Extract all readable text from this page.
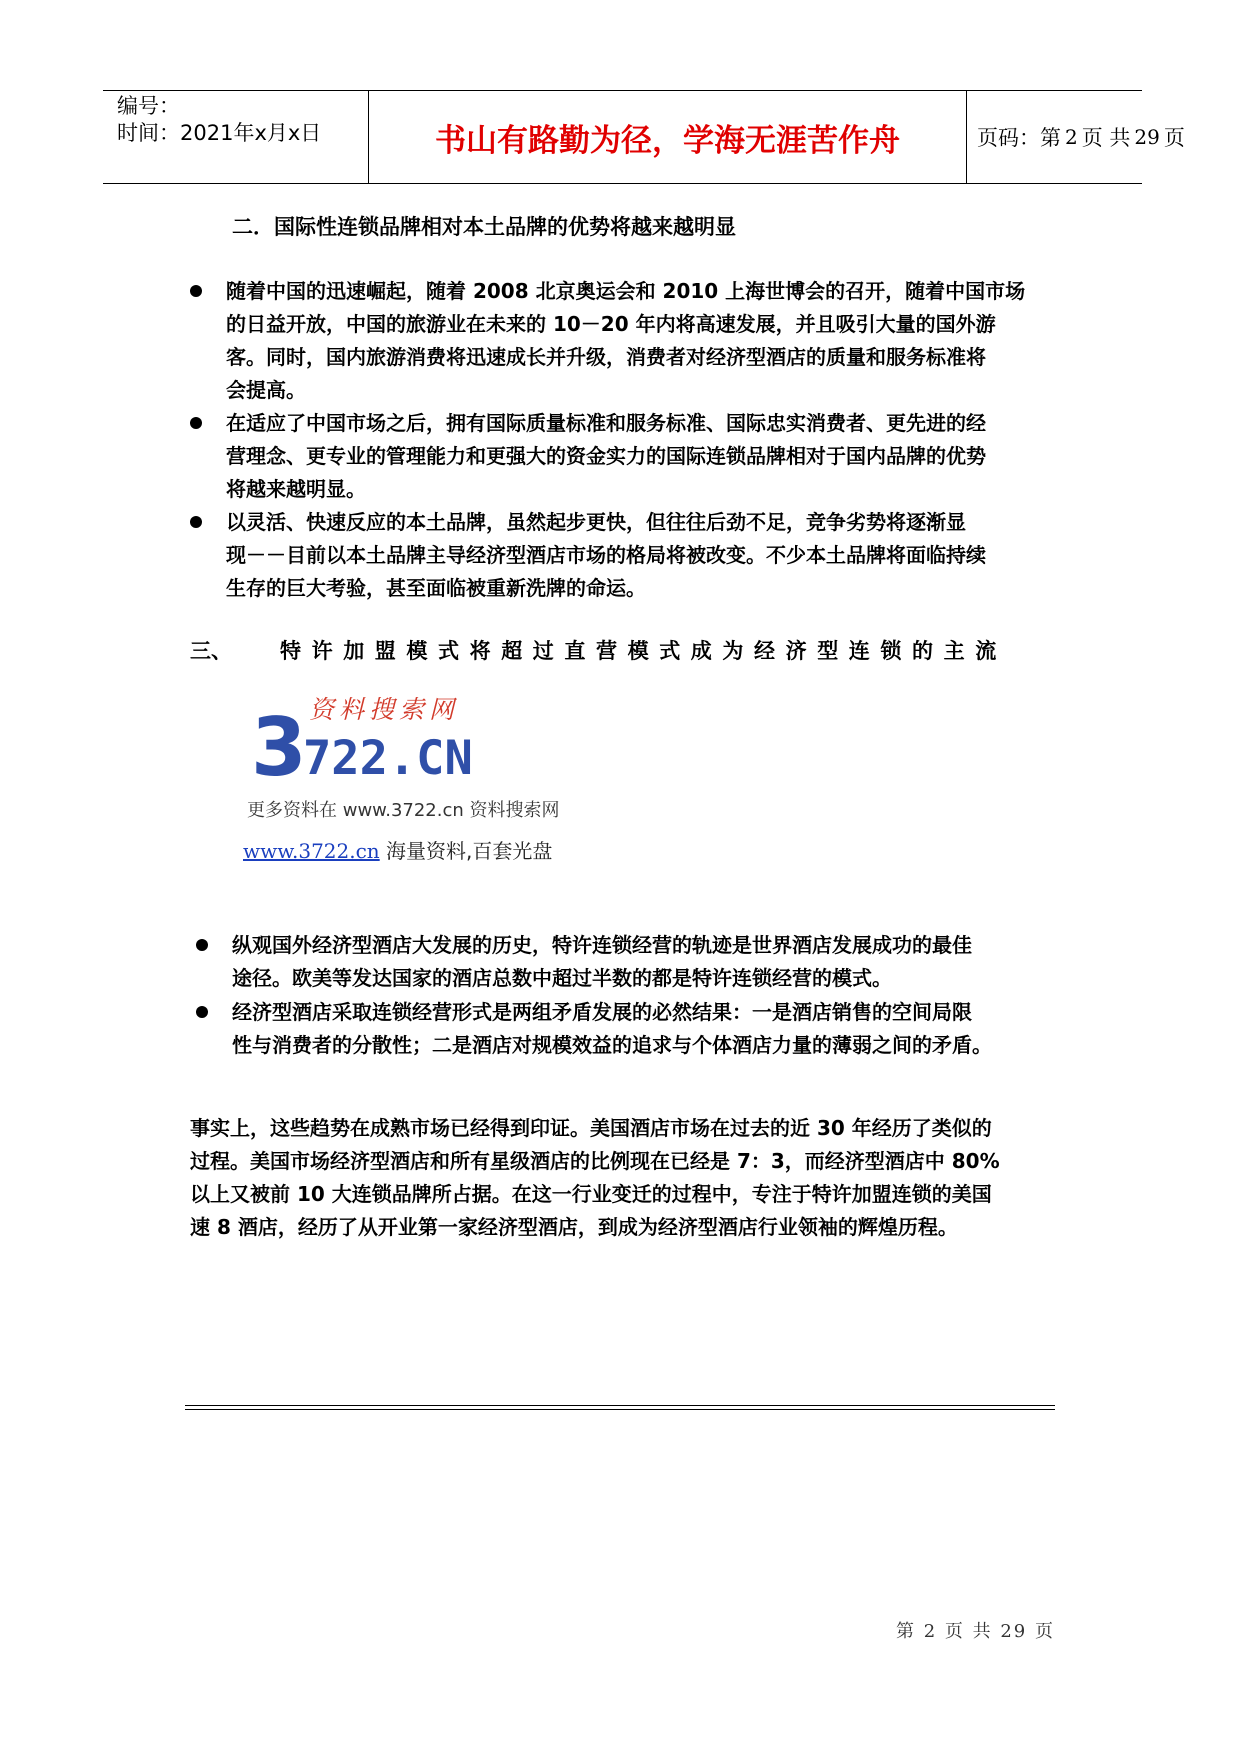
编号：
时间：2021年x月x日	书山有路勤为径，学海无涯苦作舟	页码：第 2 页 共 29 页
二．国际性连锁品牌相对本土品牌的优势将越来越明显

随着中国的迅速崛起，随着 2008 北京奥运会和 2010 上海世博会的召开，随着中国市场

的日益开放，中国的旅游业在未来的 10－20 年内将高速发展，并且吸引大量的国外游

客。同时，国内旅游消费将迅速成长并升级，消费者对经济型酒店的质量和服务标准将

会提高。

在适应了中国市场之后，拥有国际质量标准和服务标准、国际忠实消费者、更先进的经

营理念、更专业的管理能力和更强大的资金实力的国际连锁品牌相对于国内品牌的优势

将越来越明显。

以灵活、快速反应的本土品牌，虽然起步更快，但往往后劲不足，竞争劣势将逐渐显

现－－目前以本土品牌主导经济型酒店市场的格局将被改变。不少本土品牌将面临持续

生存的巨大考验，甚至面临被重新洗牌的命运。

三、	特许加盟模式将超过直营模式成为经济型连锁的主流
资料搜索网
3
722.CN
更多资料在 www.3722.cn 资料搜索网
www.3722.cn 海量资料,百套光盘

纵观国外经济型酒店大发展的历史，特许连锁经营的轨迹是世界酒店发展成功的最佳

途径。欧美等发达国家的酒店总数中超过半数的都是特许连锁经营的模式。

经济型酒店采取连锁经营形式是两组矛盾发展的必然结果：一是酒店销售的空间局限

性与消费者的分散性；二是酒店对规模效益的追求与个体酒店力量的薄弱之间的矛盾。

事实上，这些趋势在成熟市场已经得到印证。美国酒店市场在过去的近 30 年经历了类似的

过程。美国市场经济型酒店和所有星级酒店的比例现在已经是 7：3，而经济型酒店中 80%

以上又被前 10 大连锁品牌所占据。在这一行业变迁的过程中，专注于特许加盟连锁的美国

速 8 酒店，经历了从开业第一家经济型酒店，到成为经济型酒店行业领袖的辉煌历程。

第 2 页 共 29 页
